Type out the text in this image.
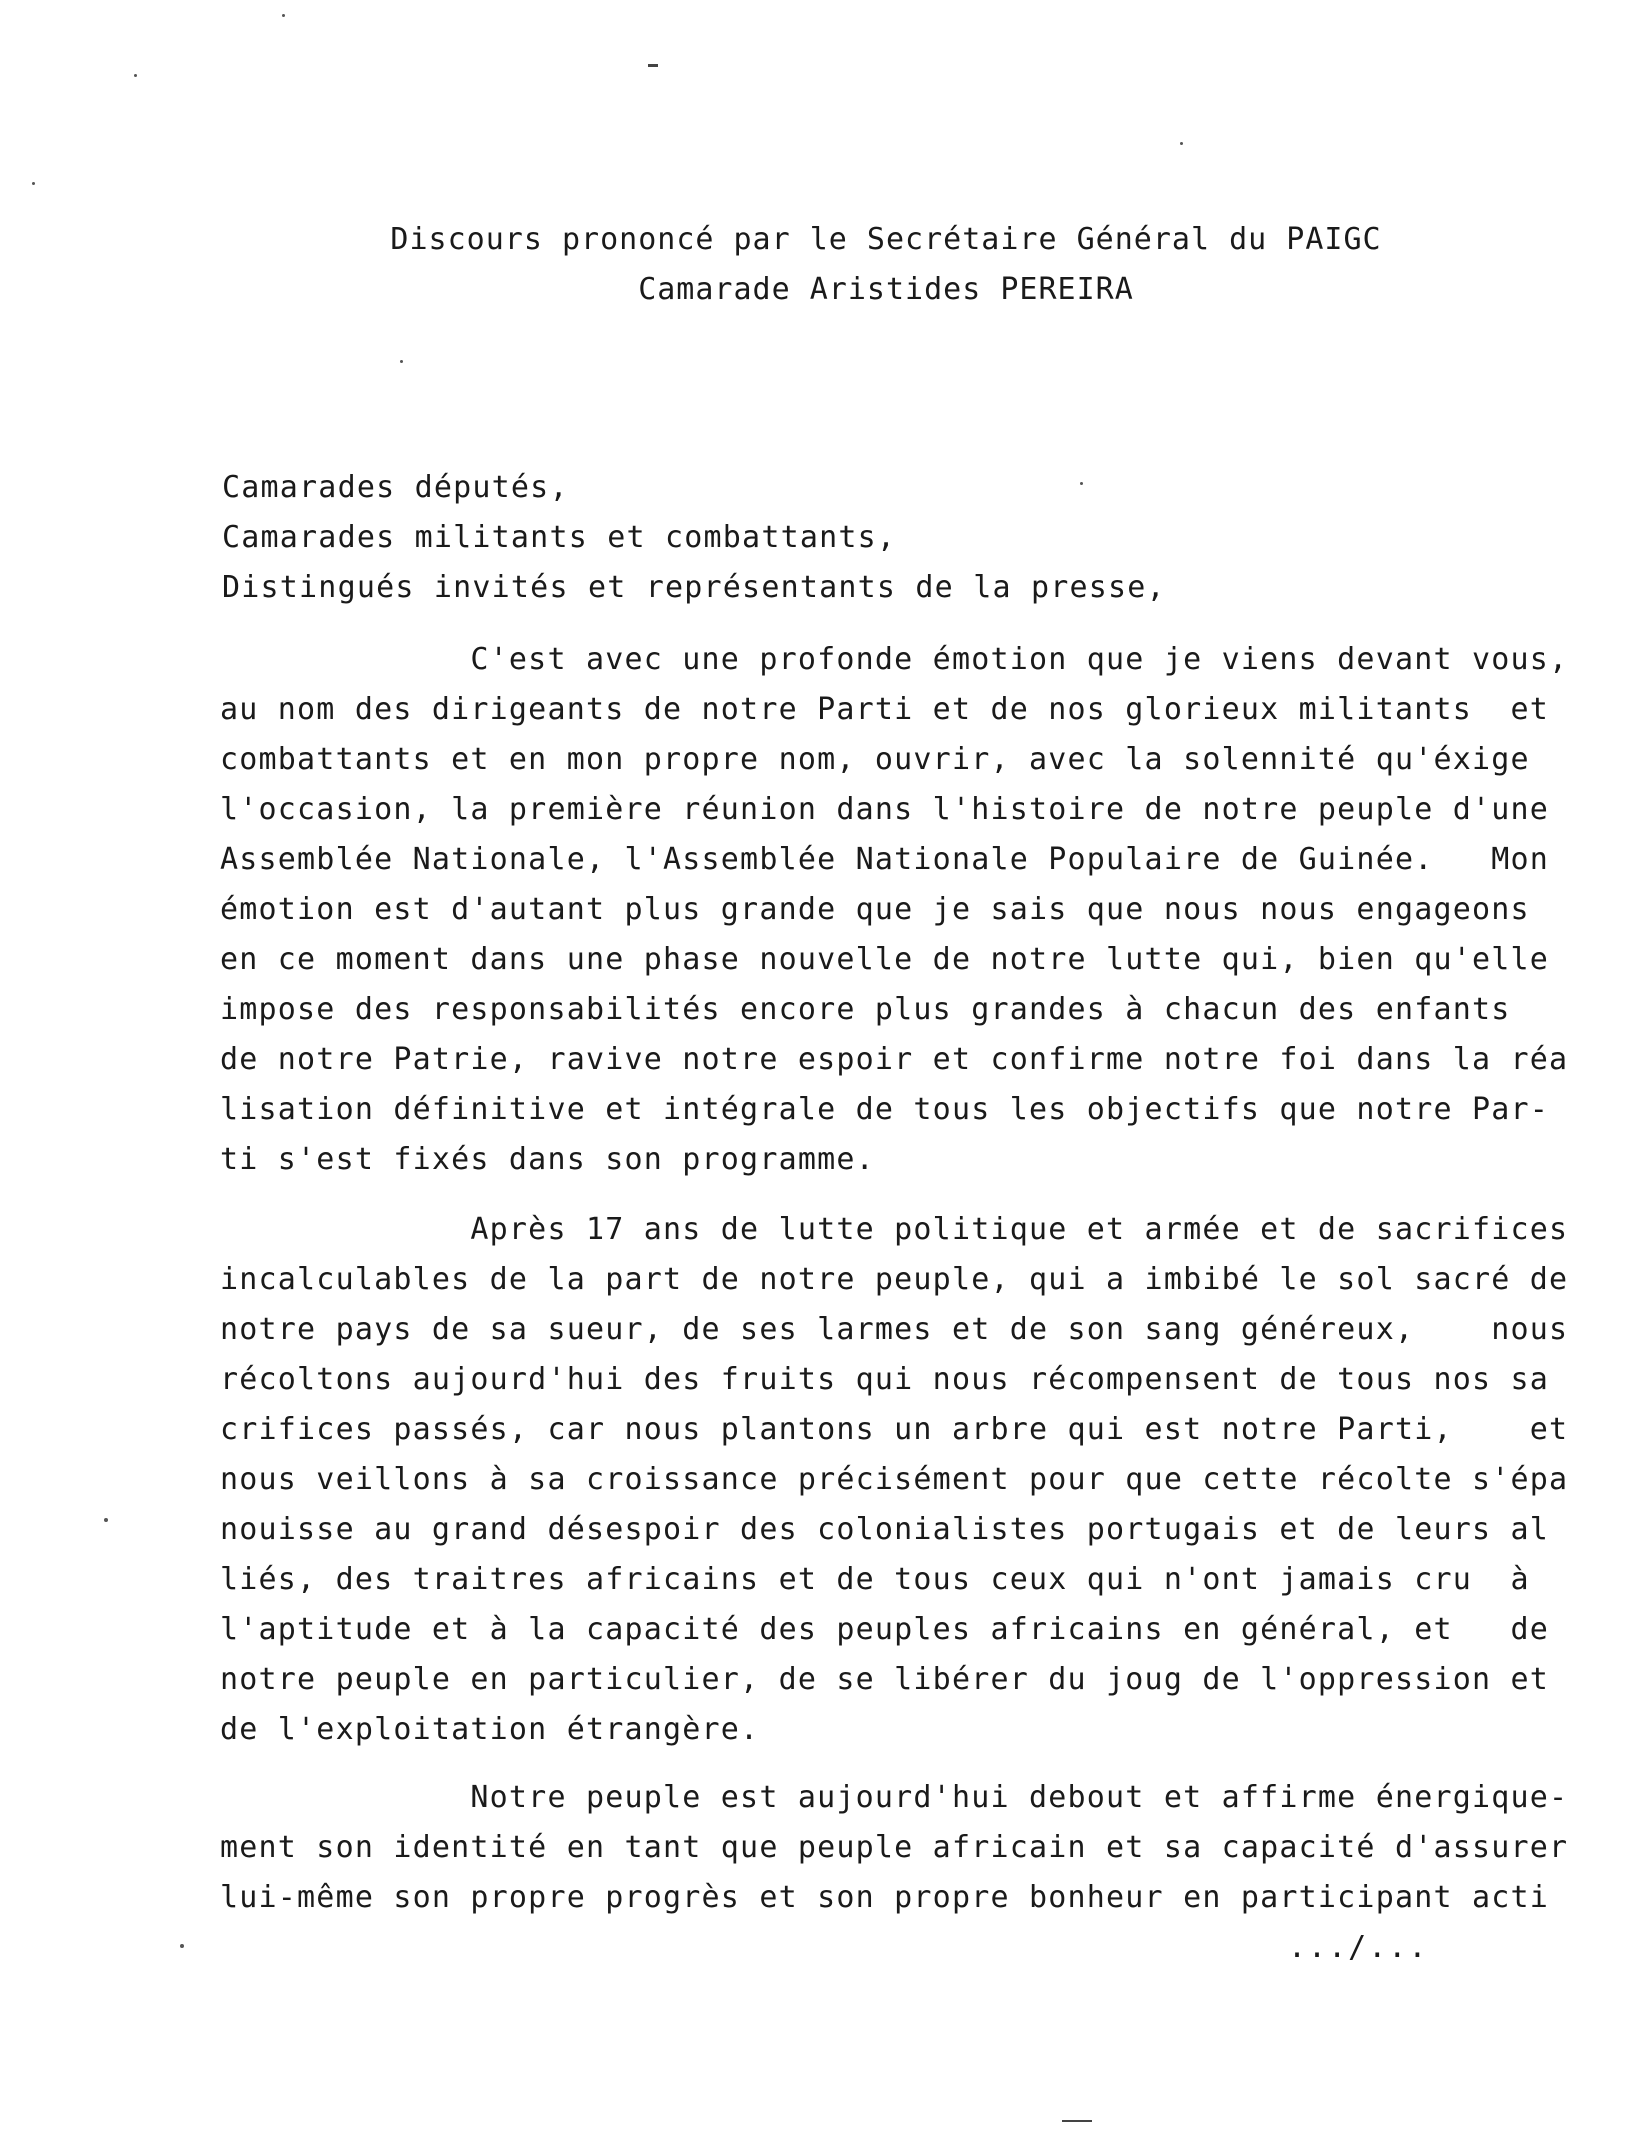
Discours prononcé par le Secrétaire Général du PAIGC
Camarade Aristides PEREIRA
Camarades députés,
Camarades militants et combattants,
Distingués invités et représentants de la presse,
C'est avec une profonde émotion que je viens devant vous,
au nom des dirigeants de notre Parti et de nos glorieux militants  et
combattants et en mon propre nom, ouvrir, avec la solennité qu'éxige
l'occasion, la première réunion dans l'histoire de notre peuple d'une
Assemblée Nationale, l'Assemblée Nationale Populaire de Guinée.   Mon
émotion est d'autant plus grande que je sais que nous nous engageons
en ce moment dans une phase nouvelle de notre lutte qui, bien qu'elle
impose des responsabilités encore plus grandes à chacun des enfants
de notre Patrie, ravive notre espoir et confirme notre foi dans la réa
lisation définitive et intégrale de tous les objectifs que notre Par-
ti s'est fixés dans son programme.
Après 17 ans de lutte politique et armée et de sacrifices
incalculables de la part de notre peuple, qui a imbibé le sol sacré de
notre pays de sa sueur, de ses larmes et de son sang généreux,    nous
récoltons aujourd'hui des fruits qui nous récompensent de tous nos sa
crifices passés, car nous plantons un arbre qui est notre Parti,    et
nous veillons à sa croissance précisément pour que cette récolte s'épa
nouisse au grand désespoir des colonialistes portugais et de leurs al
liés, des traitres africains et de tous ceux qui n'ont jamais cru  à
l'aptitude et à la capacité des peuples africains en général, et   de
notre peuple en particulier, de se libérer du joug de l'oppression et
de l'exploitation étrangère.
Notre peuple est aujourd'hui debout et affirme énergique-
ment son identité en tant que peuple africain et sa capacité d'assurer
lui-même son propre progrès et son propre bonheur en participant acti
.../...
